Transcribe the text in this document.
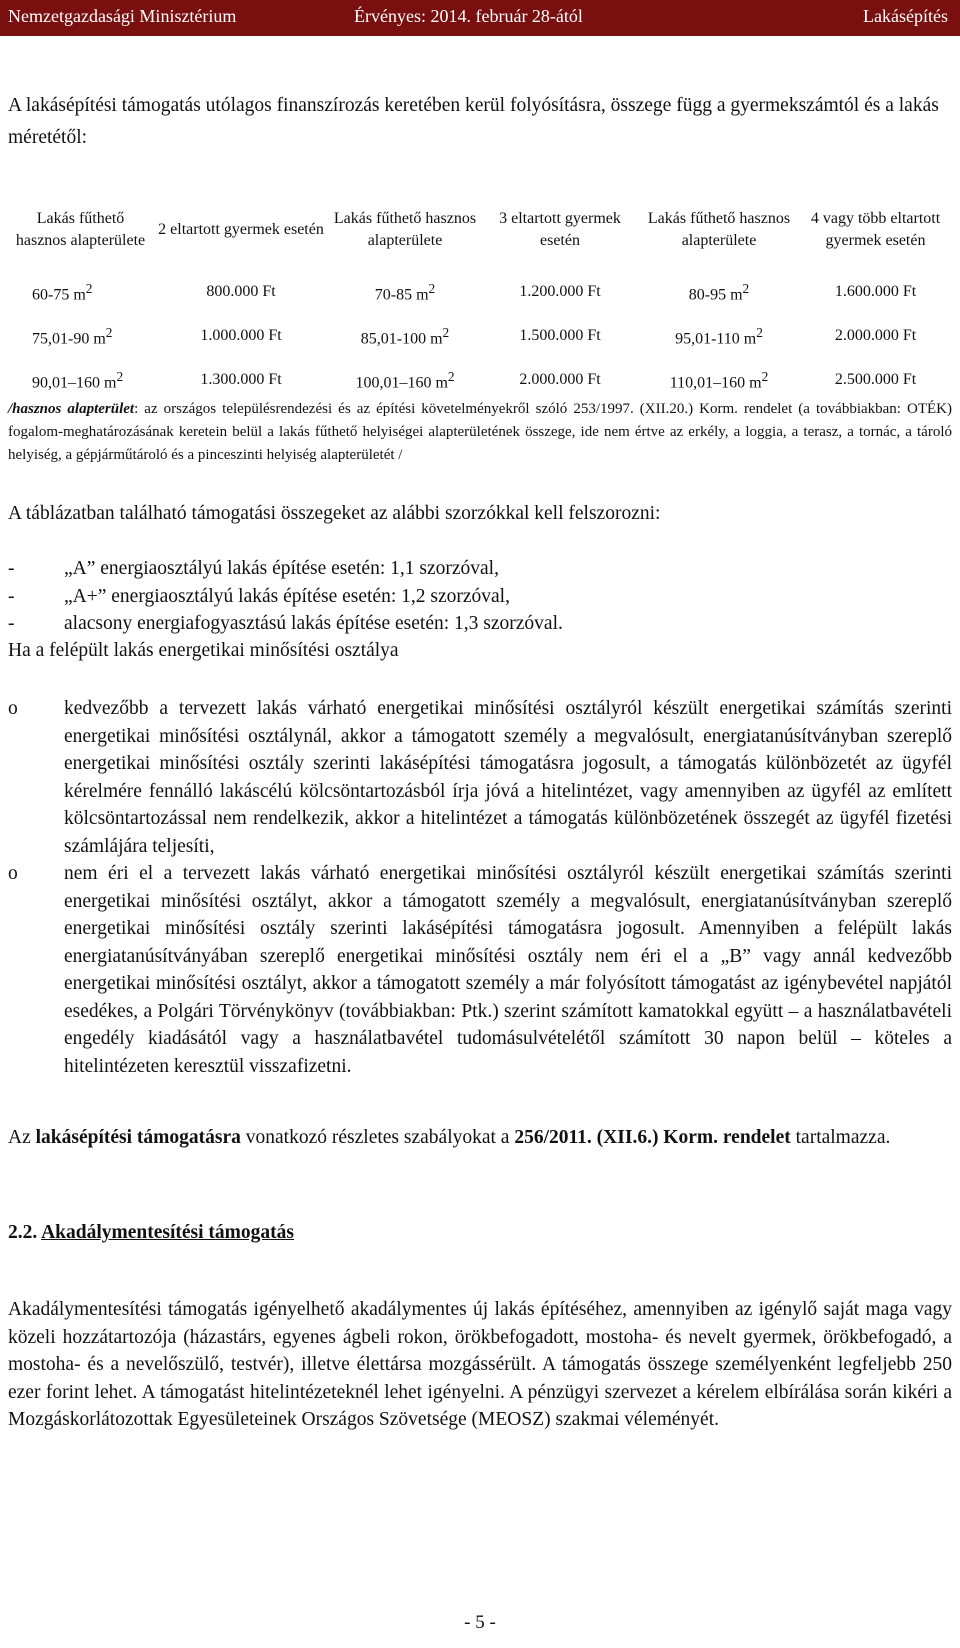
Nemzetgazdasági Minisztérium	Érvényes: 2014. február 28-ától	Lakásépítés
A lakásépítési támogatás utólagos finanszírozás keretében kerül folyósításra, összege függ a gyermekszámtól és a lakás méretétől:
Lakás fűthető hasznos alapterülete	2 eltartott gyermek esetén	Lakás fűthető hasznos alapterülete	3 eltartott gyermek esetén	Lakás fűthető hasznos alapterülete	4 vagy több eltartott gyermek esetén
60-75 $m^2$	800.000 Ft	70-85 $m^2$	1.200.000 Ft	80-95 $m^2$	1.600.000 Ft
75,01-90 $m^2$	1.000.000 Ft	85,01-100 $m^2$	1.500.000 Ft	95,01-110 $m^2$	2.000.000 Ft
90,01–160 $m^2$	1.300.000 Ft	100,01–160 $m^2$	2.000.000 Ft	110,01–160 $m^2$	2.500.000 Ft
/hasznos alapterület: az országos településrendezési és az építési követelményekről szóló 253/1997. (XII.20.) Korm. rendelet (a továbbiakban: OTÉK) fogalom-meghatározásának keretein belül a lakás fűthető helyiségei alapterületének összege, ide nem értve az erkély, a loggia, a terasz, a tornác, a tároló helyiség, a gépjárműtároló és a pinceszinti helyiség alapterületét /
A táblázatban található támogatási összegeket az alábbi szorzókkal kell felszorozni:
-	„A” energiaosztályú lakás építése esetén: 1,1 szorzóval,
-	„A+” energiaosztályú lakás építése esetén: 1,2 szorzóval,
-	alacsony energiafogyasztású lakás építése esetén: 1,3 szorzóval.
Ha a felépült lakás energetikai minősítési osztálya
o kedvezőbb a tervezett lakás várható energetikai minősítési osztályról készült energetikai számítás szerinti energetikai minősítési osztálynál, akkor a támogatott személy a megvalósult, energiatanúsítványban szereplő energetikai minősítési osztály szerinti lakásépítési támogatásra jogosult, a támogatás különbözetét az ügyfél kérelmére fennálló lakáscélú kölcsöntartozásból írja jóvá a hitelintézet, vagy amennyiben az ügyfél az említett kölcsöntartozással nem rendelkezik, akkor a hitelintézet a támogatás különbözetének összegét az ügyfél fizetési számlájára teljesíti,
o nem éri el a tervezett lakás várható energetikai minősítési osztályról készült energetikai számítás szerinti energetikai minősítési osztályt, akkor a támogatott személy a megvalósult, energiatanúsítványban szereplő energetikai minősítési osztály szerinti lakásépítési támogatásra jogosult. Amennyiben a felépült lakás energiatanúsítványában szereplő energetikai minősítési osztály nem éri el a „B” vagy annál kedvezőbb energetikai minősítési osztályt, akkor a támogatott személy a már folyósított támogatást az igénybevétel napjától esedékes, a Polgári Törvénykönyv (továbbiakban: Ptk.) szerint számított kamatokkal együtt – a használatbavételi engedély kiadásától vagy a használatbavétel tudomásulvételétől számított 30 napon belül – köteles a hitelintézeten keresztül visszafizetni.
Az lakásépítési támogatásra vonatkozó részletes szabályokat a 256/2011. (XII.6.) Korm. rendelet tartalmazza.
2.2. Akadálymentesítési támogatás
Akadálymentesítési támogatás igényelhető akadálymentes új lakás építéséhez, amennyiben az igénylő saját maga vagy közeli hozzátartozója (házastárs, egyenes ágbeli rokon, örökbefogadott, mostoha- és nevelt gyermek, örökbefogadó, a mostoha- és a nevelőszülő, testvér), illetve élettársa mozgássérült. A támogatás összege személyenként legfeljebb 250 ezer forint lehet. A támogatást hitelintézeteknél lehet igényelni. A pénzügyi szervezet a kérelem elbírálása során kikéri a Mozgáskorlátozottak Egyesületeinek Országos Szövetsége (MEOSZ) szakmai véleményét.
- 5 -
